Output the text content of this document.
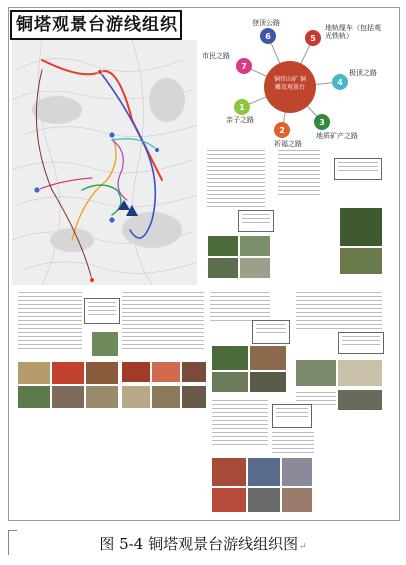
铜塔观景台游线组织
1
2
3
4
5
6
7
铜官山矿 铜雕及观景台
亲子之路
祈福之路
地质矿产之路
极顶之路
地轨缆车（包括观光铁轨）
登顶公路
市民之路
图 5-4 铜塔观景台游线组织图↵
